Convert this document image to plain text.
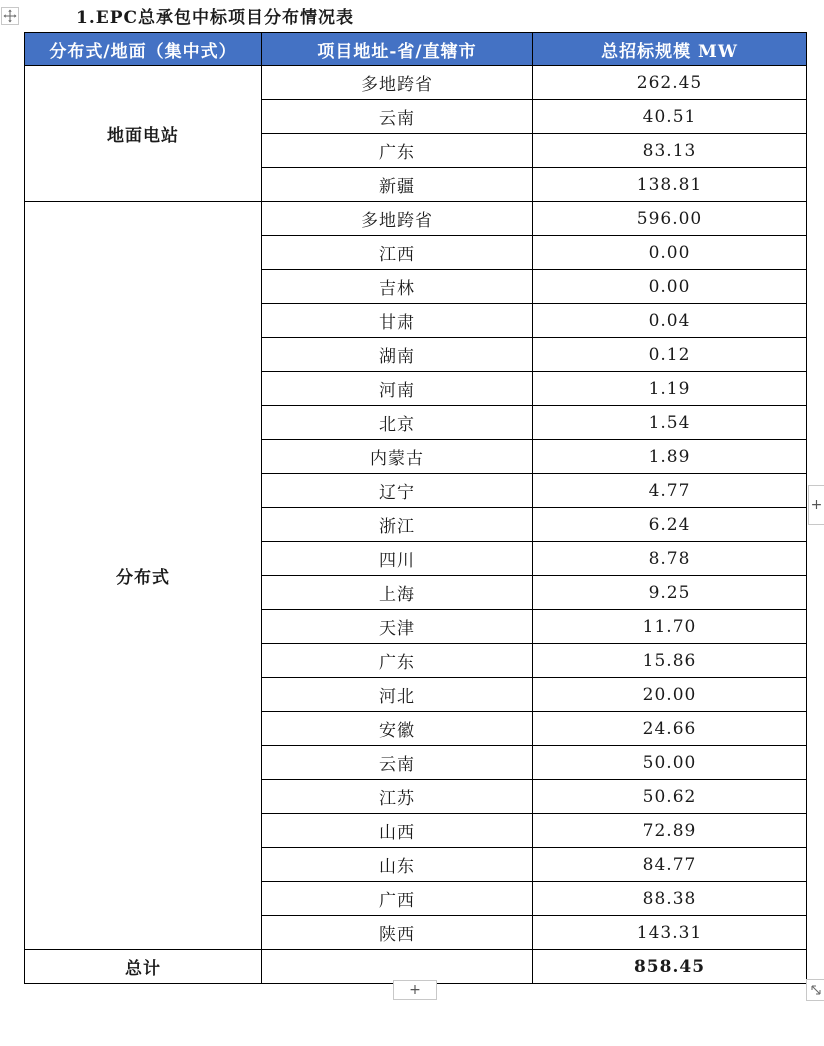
1.EPC总承包中标项目分布情况表
分布式/地面（集中式）	项目地址-省/直辖市	总招标规模 MW
地面电站	多地跨省	262.45
	云南	40.51
	广东	83.13
	新疆	138.81
分布式	多地跨省	596.00
	江西	0.00
	吉林	0.00
	甘肃	0.04
	湖南	0.12
	河南	1.19
	北京	1.54
	内蒙古	1.89
	辽宁	4.77
	浙江	6.24
	四川	8.78
	上海	9.25
	天津	11.70
	广东	15.86
	河北	20.00
	安徽	24.66
	云南	50.00
	江苏	50.62
	山西	72.89
	山东	84.77
	广西	88.38
	陕西	143.31
总计		858.45
+
+
